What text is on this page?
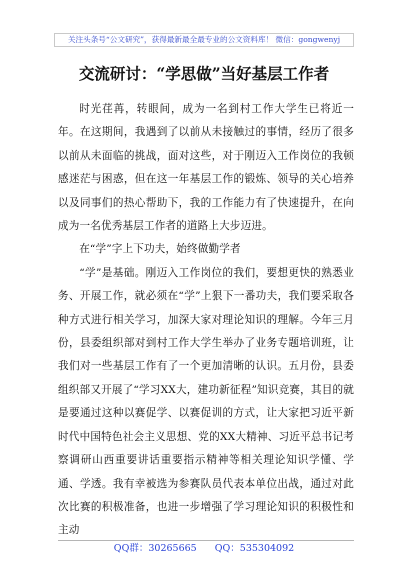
关注头条号“公文研究”，获得最新最全最专业的公文资料库！ 微信：gongwenyj
交流研讨：“学思做”当好基层工作者

时光荏苒，转眼间，成为一名到村工作大学生已将近一年。在这期间，我遇到了以前从未接触过的事情，经历了很多以前从未面临的挑战，面对这些，对于刚迈入工作岗位的我顿感迷茫与困惑，但在这一年基层工作的锻炼、领导的关心培养以及同事们的热心帮助下，我的工作能力有了快速提升，在向成为一名优秀基层工作者的道路上大步迈进。

在“学”字上下功夫，始终做勤学者

“学”是基础。刚迈入工作岗位的我们，要想更快的熟悉业务、开展工作，就必须在“学”上狠下一番功夫，我们要采取各种方式进行相关学习，加深大家对理论知识的理解。今年三月份，县委组织部对到村工作大学生举办了业务专题培训班，让我们对一些基层工作有了一个更加清晰的认识。五月份，县委组织部又开展了“学习XX大，建功新征程”知识竞赛，其目的就是要通过这种以赛促学、以赛促训的方式，让大家把习近平新时代中国特色社会主义思想、党的XX大精神、习近平总书记考察调研山西重要讲话重要指示精神等相关理论知识学懂、学通、学透。我有幸被选为参赛队员代表本单位出战，通过对此次比赛的积极准备，也进一步增强了学习理论知识的积极性和主动

QQ群：30265665 QQ：535304092
